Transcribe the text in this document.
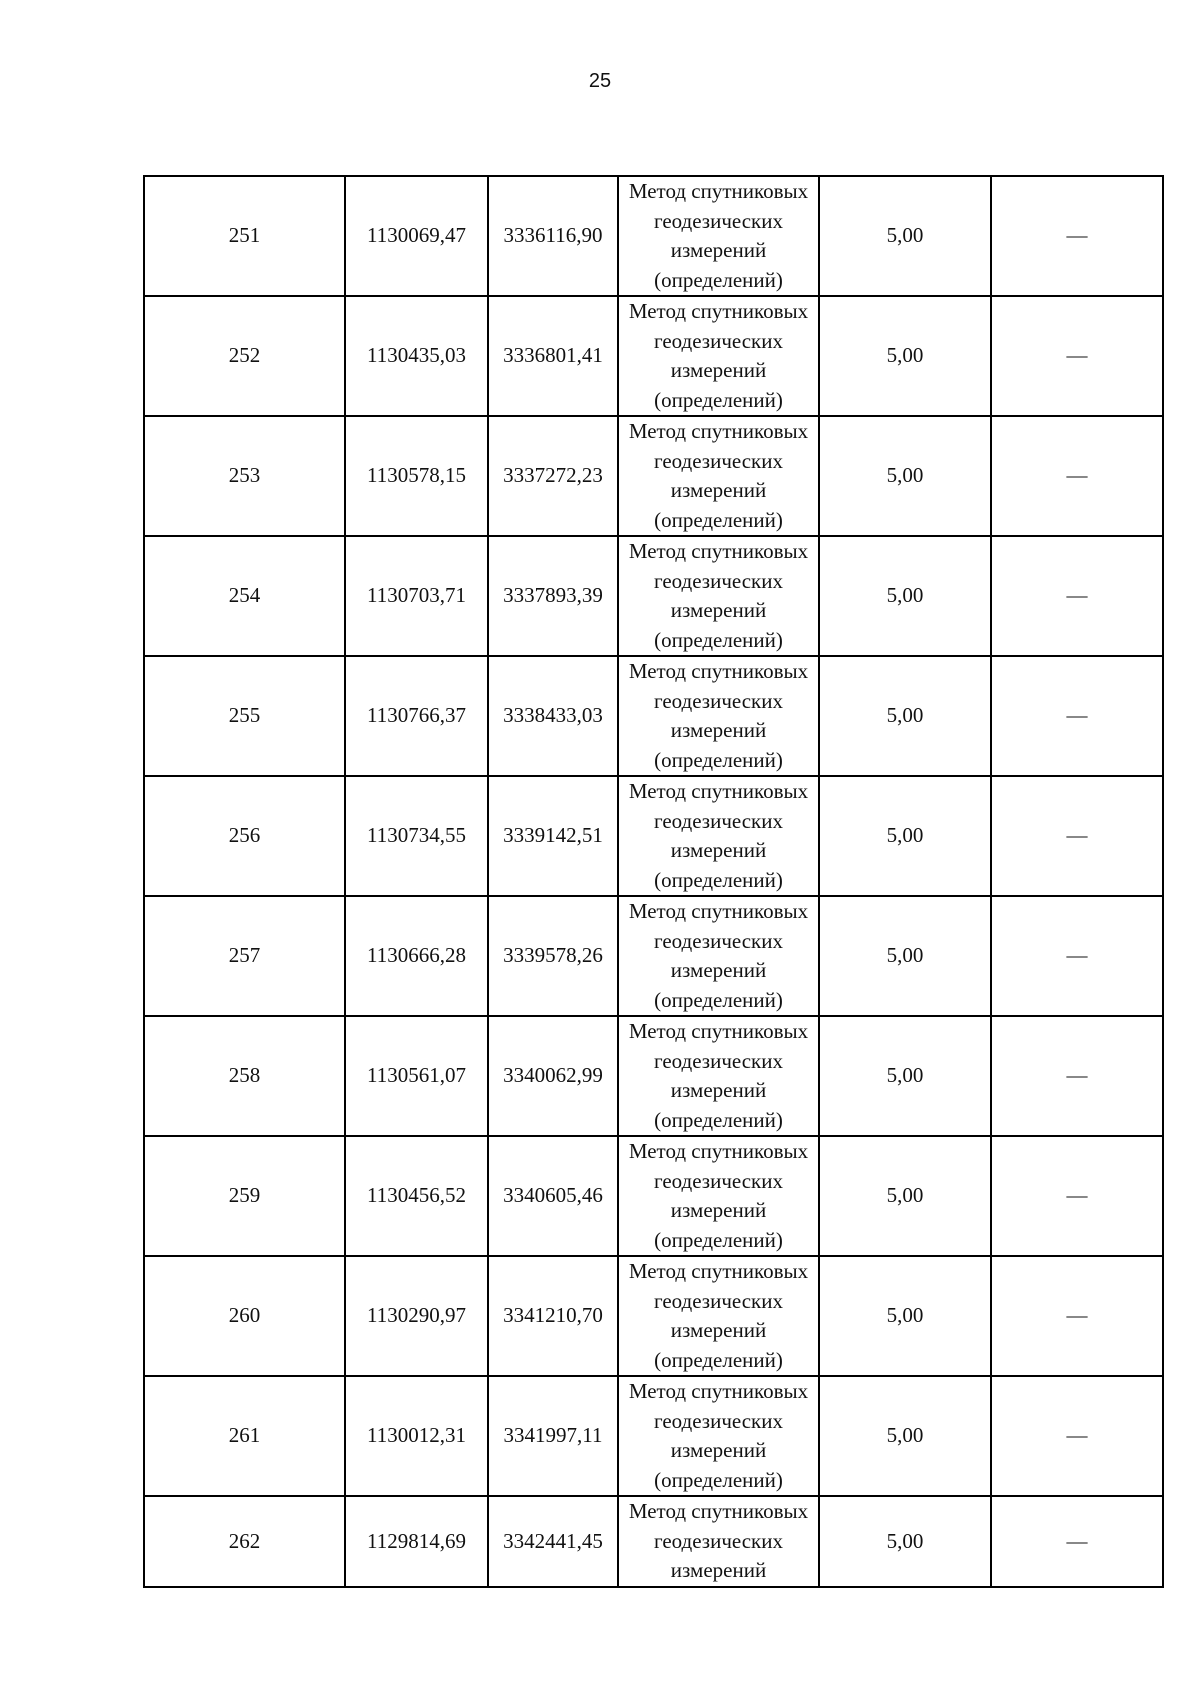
25
251	1130069,47	3336116,90	Метод спутниковых геодезических измерений (определений)	5,00	—
252	1130435,03	3336801,41	Метод спутниковых геодезических измерений (определений)	5,00	—
253	1130578,15	3337272,23	Метод спутниковых геодезических измерений (определений)	5,00	—
254	1130703,71	3337893,39	Метод спутниковых геодезических измерений (определений)	5,00	—
255	1130766,37	3338433,03	Метод спутниковых геодезических измерений (определений)	5,00	—
256	1130734,55	3339142,51	Метод спутниковых геодезических измерений (определений)	5,00	—
257	1130666,28	3339578,26	Метод спутниковых геодезических измерений (определений)	5,00	—
258	1130561,07	3340062,99	Метод спутниковых геодезических измерений (определений)	5,00	—
259	1130456,52	3340605,46	Метод спутниковых геодезических измерений (определений)	5,00	—
260	1130290,97	3341210,70	Метод спутниковых геодезических измерений (определений)	5,00	—
261	1130012,31	3341997,11	Метод спутниковых геодезических измерений (определений)	5,00	—
262	1129814,69	3342441,45	Метод спутниковых геодезических измерений	5,00	—
